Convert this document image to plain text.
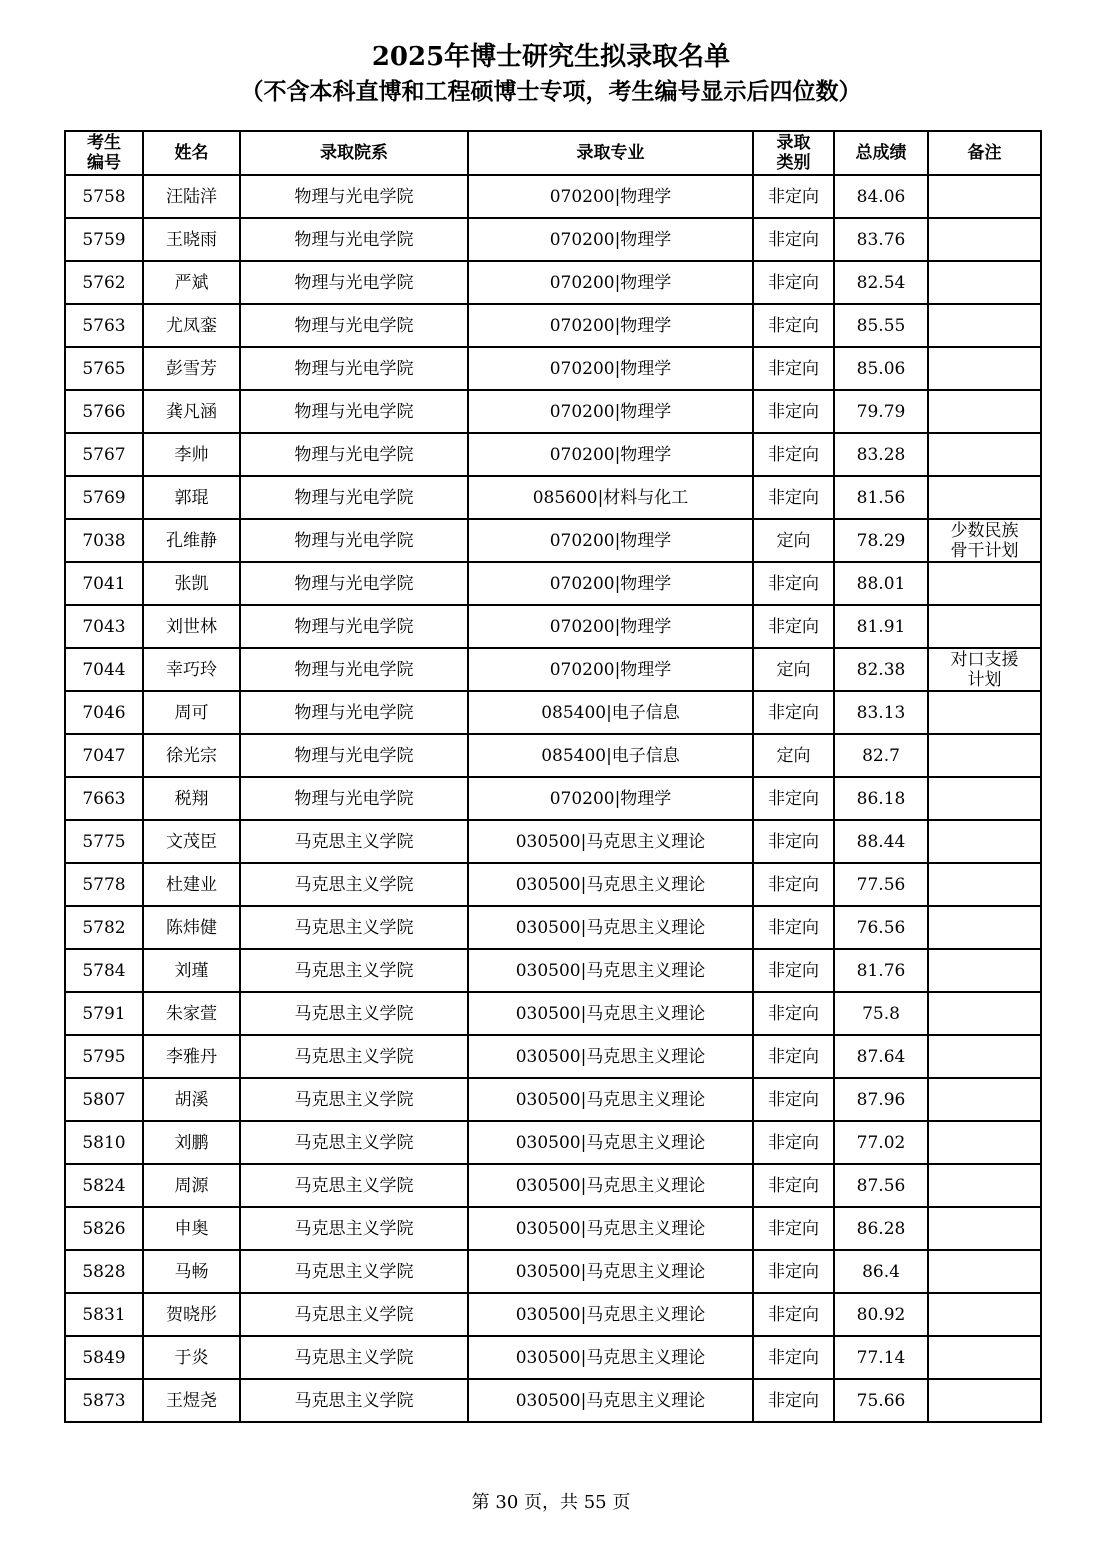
2025年博士研究生拟录取名单
（不含本科直博和工程硕博士专项，考生编号显示后四位数）
考生编号	姓名	录取院系	录取专业	录取类别	总成绩	备注
5758	汪陆洋	物理与光电学院	070200|物理学	非定向	84.06	
5759	王晓雨	物理与光电学院	070200|物理学	非定向	83.76	
5762	严斌	物理与光电学院	070200|物理学	非定向	82.54	
5763	尤凤銮	物理与光电学院	070200|物理学	非定向	85.55	
5765	彭雪芳	物理与光电学院	070200|物理学	非定向	85.06	
5766	龚凡涵	物理与光电学院	070200|物理学	非定向	79.79	
5767	李帅	物理与光电学院	070200|物理学	非定向	83.28	
5769	郭琨	物理与光电学院	085600|材料与化工	非定向	81.56	
7038	孔维静	物理与光电学院	070200|物理学	定向	78.29	少数民族骨干计划
7041	张凯	物理与光电学院	070200|物理学	非定向	88.01	
7043	刘世林	物理与光电学院	070200|物理学	非定向	81.91	
7044	幸巧玲	物理与光电学院	070200|物理学	定向	82.38	对口支援计划
7046	周可	物理与光电学院	085400|电子信息	非定向	83.13	
7047	徐光宗	物理与光电学院	085400|电子信息	定向	82.7	
7663	税翔	物理与光电学院	070200|物理学	非定向	86.18	
5775	文茂臣	马克思主义学院	030500|马克思主义理论	非定向	88.44	
5778	杜建业	马克思主义学院	030500|马克思主义理论	非定向	77.56	
5782	陈炜健	马克思主义学院	030500|马克思主义理论	非定向	76.56	
5784	刘瑾	马克思主义学院	030500|马克思主义理论	非定向	81.76	
5791	朱家萱	马克思主义学院	030500|马克思主义理论	非定向	75.8	
5795	李雅丹	马克思主义学院	030500|马克思主义理论	非定向	87.64	
5807	胡溪	马克思主义学院	030500|马克思主义理论	非定向	87.96	
5810	刘鹏	马克思主义学院	030500|马克思主义理论	非定向	77.02	
5824	周源	马克思主义学院	030500|马克思主义理论	非定向	87.56	
5826	申奥	马克思主义学院	030500|马克思主义理论	非定向	86.28	
5828	马畅	马克思主义学院	030500|马克思主义理论	非定向	86.4	
5831	贺晓彤	马克思主义学院	030500|马克思主义理论	非定向	80.92	
5849	于炎	马克思主义学院	030500|马克思主义理论	非定向	77.14	
5873	王煜尧	马克思主义学院	030500|马克思主义理论	非定向	75.66	
第 30 页，共 55 页
